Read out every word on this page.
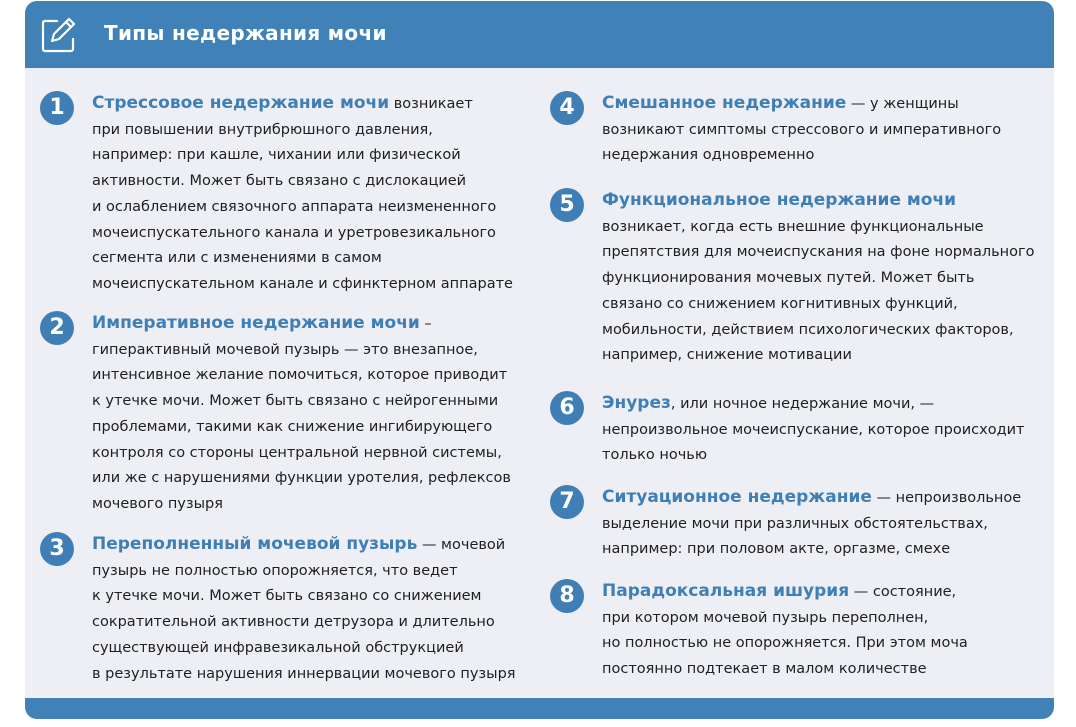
Типы недержания мочи
1	Стрессовое недержание мочи возникает
при повышении внутрибрюшного давления,
например: при кашле, чихании или физической
активности. Может быть связано с дислокацией
и ослаблением связочного аппарата неизмененного
мочеиспускательного канала и уретровезикального
сегмента или с изменениями в самом
мочеиспускательном канале и сфинктерном аппарате
2	Императивное недержание мочи –
гиперактивный мочевой пузырь — это внезапное,
интенсивное желание помочиться, которое приводит
к утечке мочи. Может быть связано с нейрогенными
проблемами, такими как снижение ингибирующего
контроля со стороны центральной нервной системы,
или же с нарушениями функции уротелия, рефлексов
мочевого пузыря
3	Переполненный мочевой пузырь — мочевой
пузырь не полностью опорожняется, что ведет
к утечке мочи. Может быть связано со снижением
сократительной активности детрузора и длительно
существующей инфравезикальной обструкцией
в результате нарушения иннервации мочевого пузыря
4	Смешанное недержание — у женщины
возникают симптомы стрессового и императивного
недержания одновременно
5	Функциональное недержание мочи
возникает, когда есть внешние функциональные
препятствия для мочеиспускания на фоне нормального
функционирования мочевых путей. Может быть
связано со снижением когнитивных функций,
мобильности, действием психологических факторов,
например, снижение мотивации
6	Энурез, или ночное недержание мочи, —
непроизвольное мочеиспускание, которое происходит
только ночью
7	Ситуационное недержание — непроизвольное
выделение мочи при различных обстоятельствах,
например: при половом акте, оргазме, смехе
8	Парадоксальная ишурия — состояние,
при котором мочевой пузырь переполнен,
но полностью не опорожняется. При этом моча
постоянно подтекает в малом количестве
